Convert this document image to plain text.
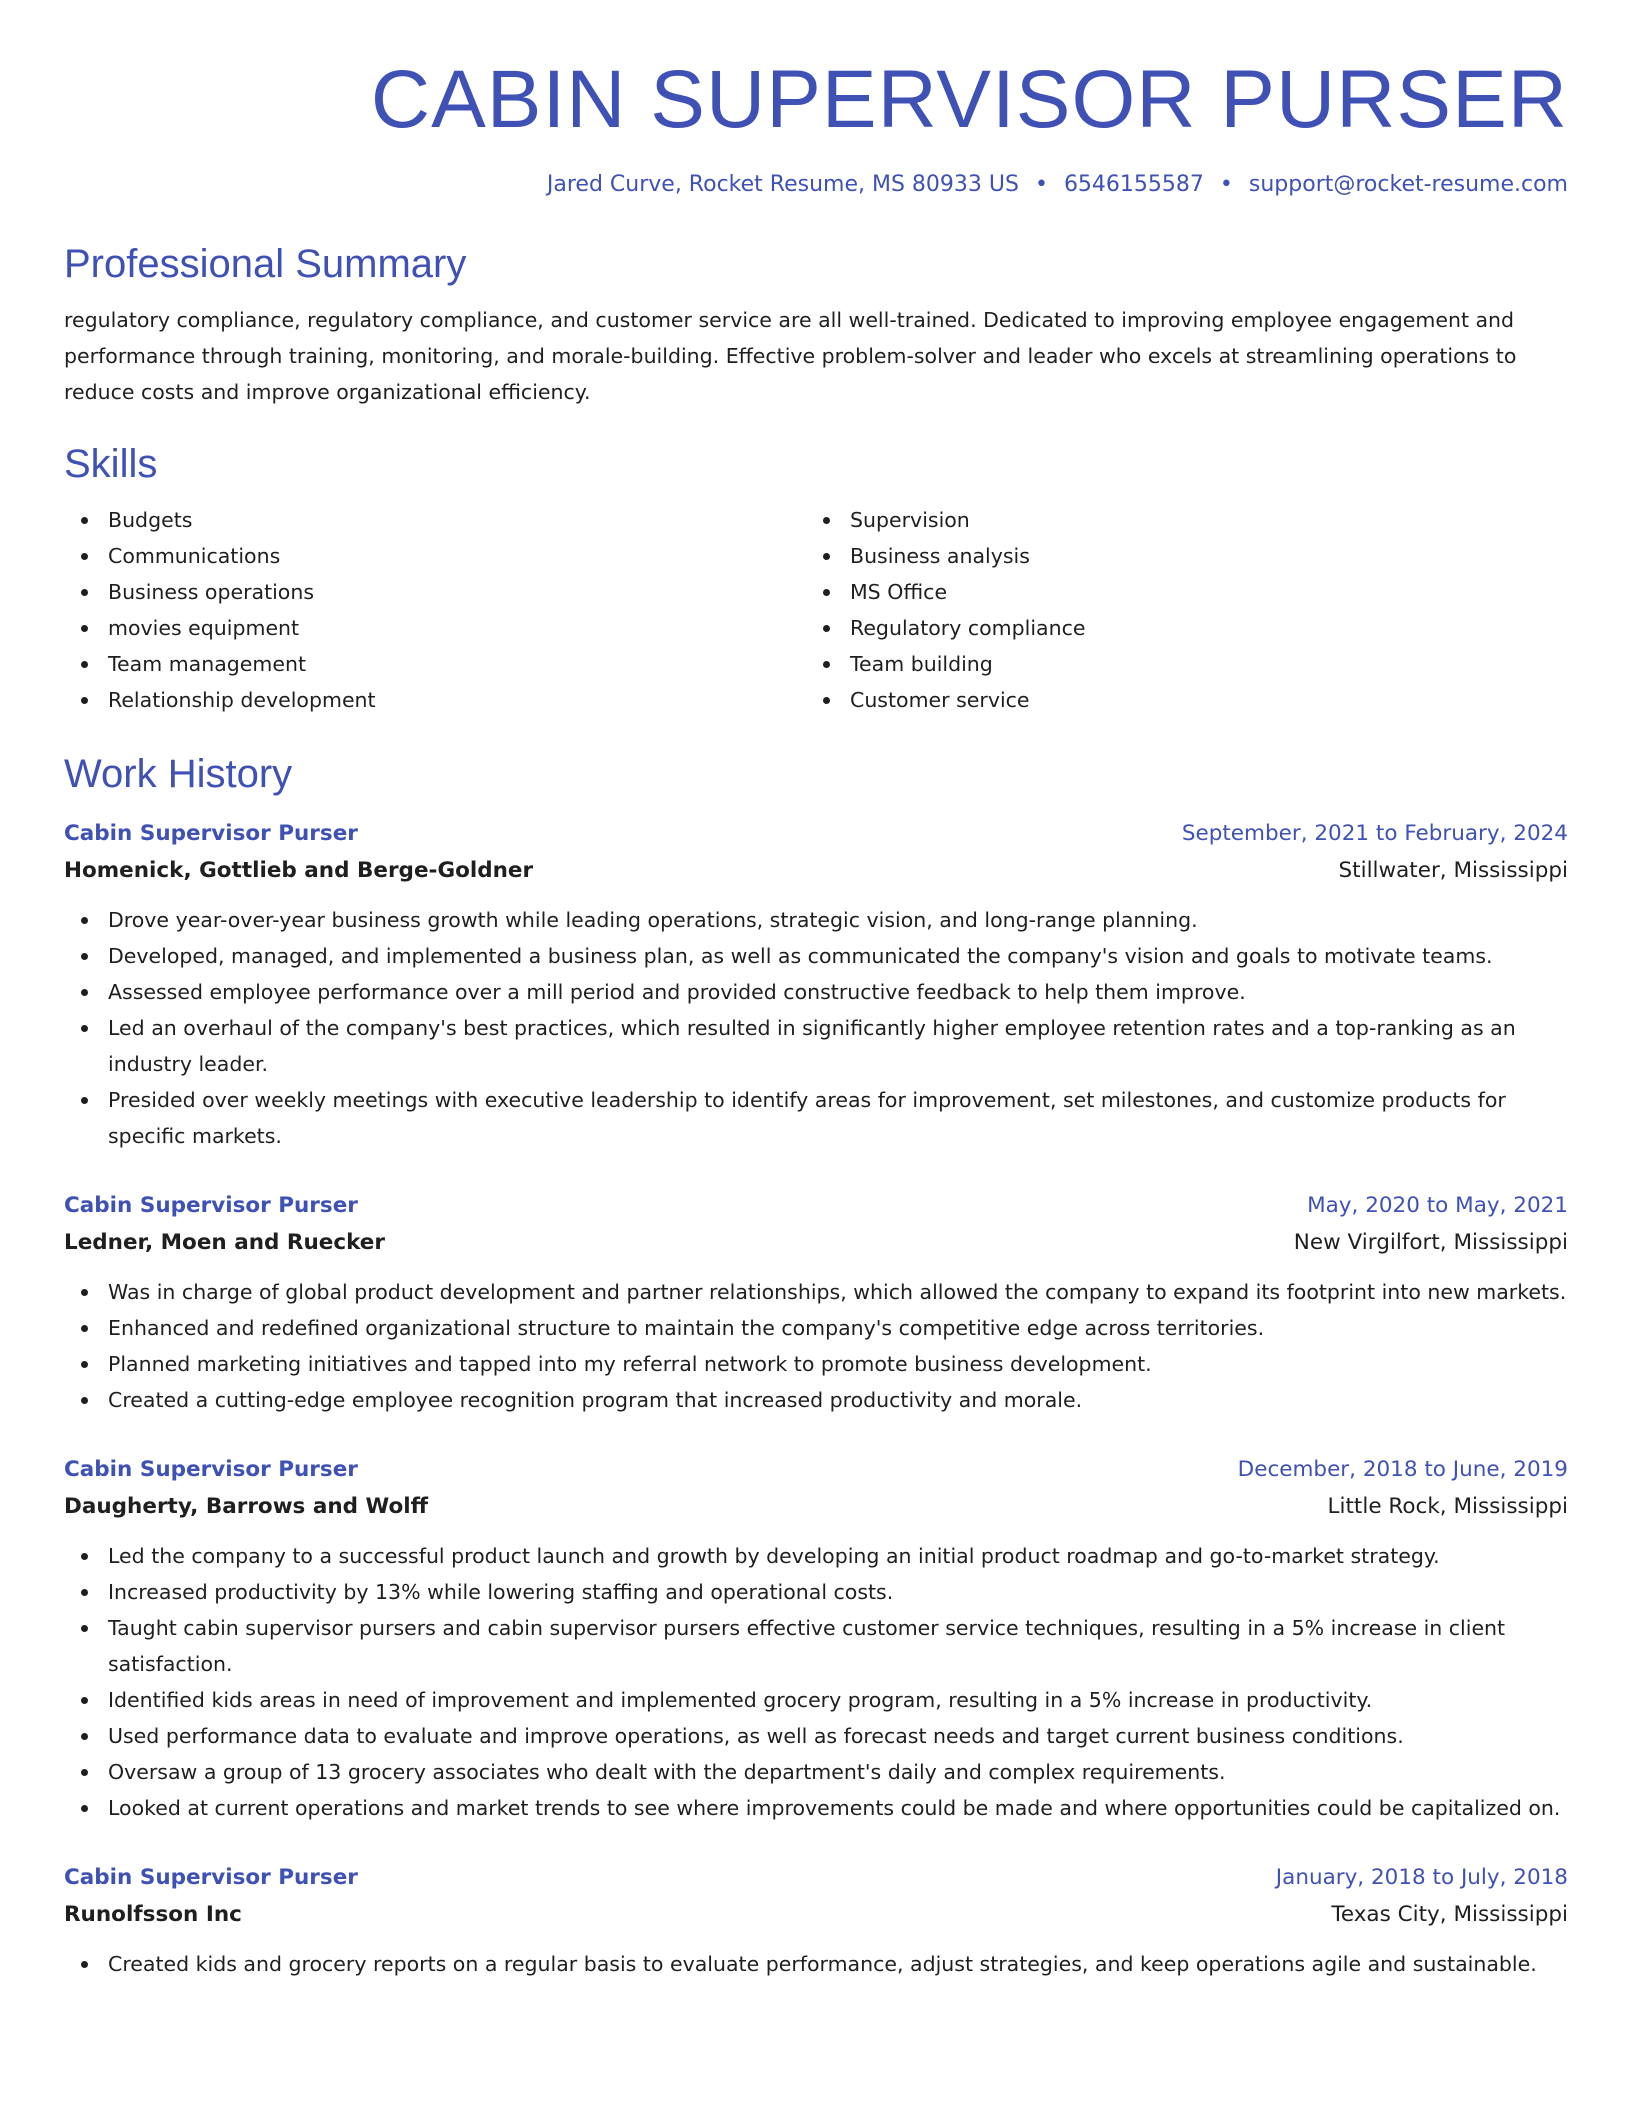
CABIN SUPERVISOR PURSER
Jared Curve, Rocket Resume, MS 80933 US • 6546155587 • support@rocket-resume.com
Professional Summary

regulatory compliance, regulatory compliance, and customer service are all well-trained. Dedicated to improving employee engagement and performance through training, monitoring, and morale-building. Effective problem-solver and leader who excels at streamlining operations to reduce costs and improve organizational efficiency.

Skills
Budgets
Communications
Business operations
movies equipment
Team management
Relationship development
Supervision
Business analysis
MS Office
Regulatory compliance
Team building
Customer service
Work History
Cabin Supervisor Purser	September, 2021 to February, 2024
Homenick, Gottlieb and Berge-Goldner	Stillwater, Mississippi
Drove year-over-year business growth while leading operations, strategic vision, and long-range planning.
Developed, managed, and implemented a business plan, as well as communicated the company's vision and goals to motivate teams.
Assessed employee performance over a mill period and provided constructive feedback to help them improve.
Led an overhaul of the company's best practices, which resulted in significantly higher employee retention rates and a top-ranking as an industry leader.
Presided over weekly meetings with executive leadership to identify areas for improvement, set milestones, and customize products for specific markets.
Cabin Supervisor Purser	May, 2020 to May, 2021
Ledner, Moen and Ruecker	New Virgilfort, Mississippi
Was in charge of global product development and partner relationships, which allowed the company to expand its footprint into new markets.
Enhanced and redefined organizational structure to maintain the company's competitive edge across territories.
Planned marketing initiatives and tapped into my referral network to promote business development.
Created a cutting-edge employee recognition program that increased productivity and morale.
Cabin Supervisor Purser	December, 2018 to June, 2019
Daugherty, Barrows and Wolff	Little Rock, Mississippi
Led the company to a successful product launch and growth by developing an initial product roadmap and go-to-market strategy.
Increased productivity by 13% while lowering staffing and operational costs.
Taught cabin supervisor pursers and cabin supervisor pursers effective customer service techniques, resulting in a 5% increase in client satisfaction.
Identified kids areas in need of improvement and implemented grocery program, resulting in a 5% increase in productivity.
Used performance data to evaluate and improve operations, as well as forecast needs and target current business conditions.
Oversaw a group of 13 grocery associates who dealt with the department's daily and complex requirements.
Looked at current operations and market trends to see where improvements could be made and where opportunities could be capitalized on.
Cabin Supervisor Purser	January, 2018 to July, 2018
Runolfsson Inc	Texas City, Mississippi
Created kids and grocery reports on a regular basis to evaluate performance, adjust strategies, and keep operations agile and sustainable.
